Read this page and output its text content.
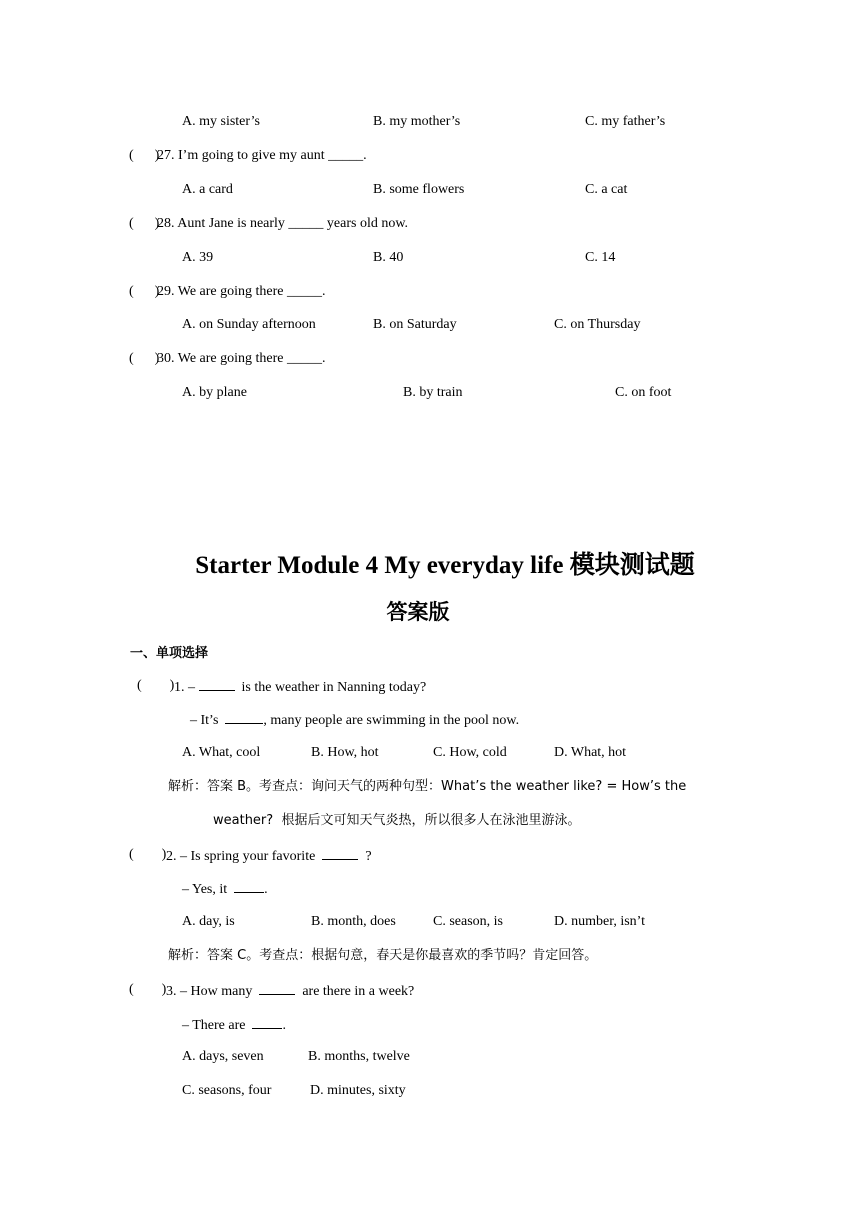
A. my sister’s	B. my mother’s	C. my father’s
(      )
27. I’m going to give my aunt _____.
A. a card	B. some flowers	C. a cat
(      )
28. Aunt Jane is nearly _____ years old now.
A. 39	B. 40	C. 14
(      )
29. We are going there _____.
A. on Sunday afternoon	B. on Saturday	C. on Thursday
(      )
30. We are going there _____.
A. by plane	B. by train	C. on foot
Starter Module 4 My everyday life 模块测试题
答案版
一、单项选择
(        ) 1. –	is the weather in Nanning today?
– It’s	, many people are swimming in the pool now.
A. What, cool	B. How, hot	C. How, cold	D. What, hot
解析：答案 B。考查点：询问天气的两种句型：What’s the weather like? = How’s the
weather?  根据后文可知天气炎热，所以很多人在泳池里游泳。
(        ) 2. – Is spring your favorite	?
– Yes, it  .
A. day, is	B. month, does	C. season, is	D. number, isn’t
解析：答案 C。考查点：根据句意，春天是你最喜欢的季节吗？肯定回答。
(        ) 3. – How many	are there in a week?
– There are  .
A. days, seven	B. months, twelve
C. seasons, four	D. minutes, sixty
